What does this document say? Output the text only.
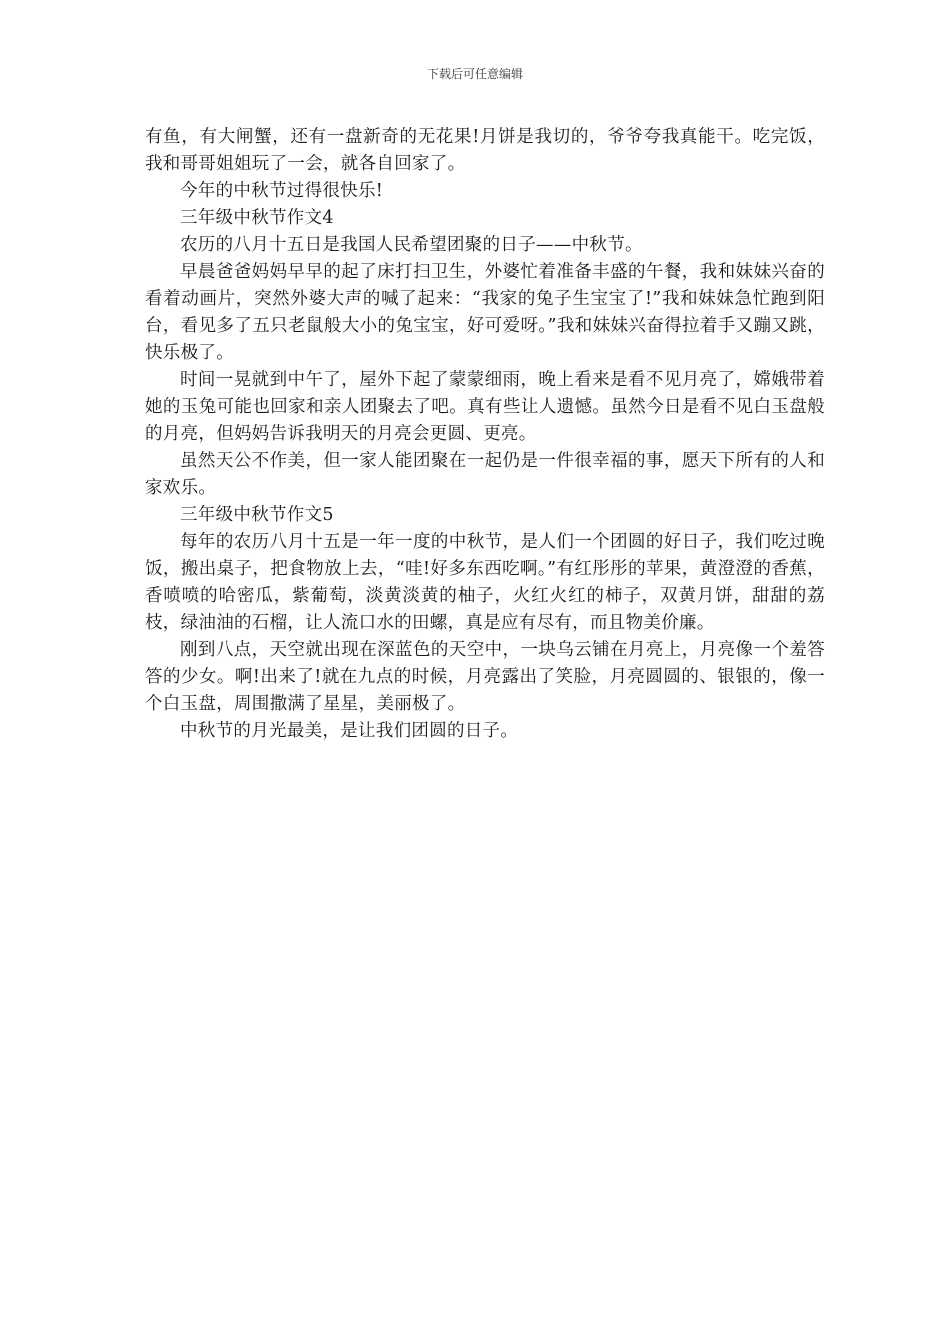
下载后可任意编辑

有鱼，有大闸蟹，还有一盘新奇的无花果!月饼是我切的，爷爷夸我真能干。吃完饭，我和哥哥姐姐玩了一会，就各自回家了。

今年的中秋节过得很快乐!

三年级中秋节作文4

农历的八月十五日是我国人民希望团聚的日子——中秋节。

早晨爸爸妈妈早早的起了床打扫卫生，外婆忙着准备丰盛的午餐，我和妹妹兴奋的看着动画片，突然外婆大声的喊了起来：“我家的兔子生宝宝了!”我和妹妹急忙跑到阳台，看见多了五只老鼠般大小的兔宝宝，好可爱呀。”我和妹妹兴奋得拉着手又蹦又跳，快乐极了。

时间一晃就到中午了，屋外下起了蒙蒙细雨，晚上看来是看不见月亮了，嫦娥带着她的玉兔可能也回家和亲人团聚去了吧。真有些让人遗憾。虽然今日是看不见白玉盘般的月亮，但妈妈告诉我明天的月亮会更圆、更亮。

虽然天公不作美，但一家人能团聚在一起仍是一件很幸福的事，愿天下所有的人和家欢乐。

三年级中秋节作文5

每年的农历八月十五是一年一度的中秋节，是人们一个团圆的好日子，我们吃过晚饭，搬出桌子，把食物放上去，“哇!好多东西吃啊。”有红彤彤的苹果，黄澄澄的香蕉，香喷喷的哈密瓜，紫葡萄，淡黄淡黄的柚子，火红火红的柿子，双黄月饼，甜甜的荔枝，绿油油的石榴，让人流口水的田螺，真是应有尽有，而且物美价廉。

刚到八点，天空就出现在深蓝色的天空中，一块乌云铺在月亮上，月亮像一个羞答答的少女。啊!出来了!就在九点的时候，月亮露出了笑脸，月亮圆圆的、银银的，像一个白玉盘，周围撒满了星星，美丽极了。

中秋节的月光最美，是让我们团圆的日子。
